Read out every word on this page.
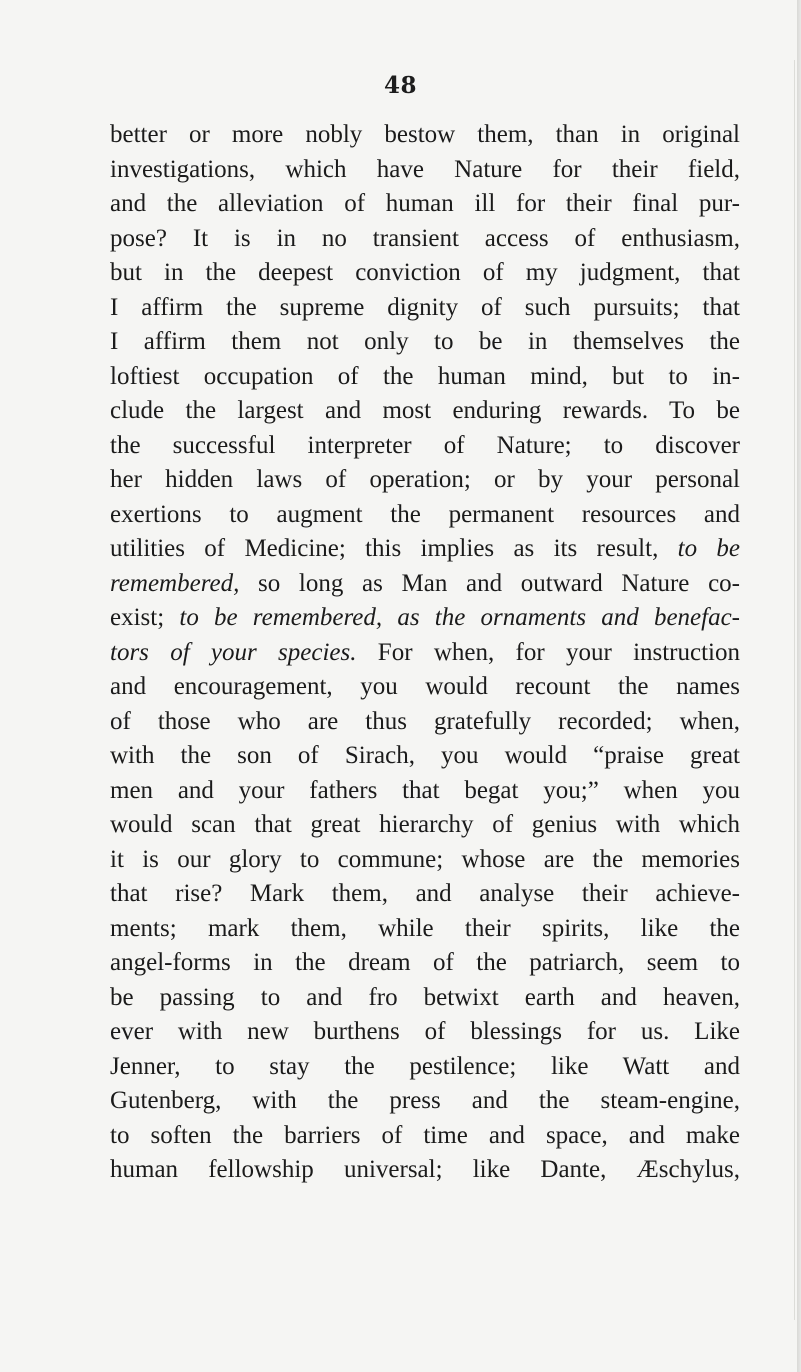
48
better or more nobly bestow them, than in original
investigations, which have Nature for their field,
and the alleviation of human ill for their final pur-
pose? It is in no transient access of enthusiasm,
but in the deepest conviction of my judgment, that
I affirm the supreme dignity of such pursuits; that
I affirm them not only to be in themselves the
loftiest occupation of the human mind, but to in-
clude the largest and most enduring rewards. To be
the successful interpreter of Nature; to discover
her hidden laws of operation; or by your personal
exertions to augment the permanent resources and
utilities of Medicine; this implies as its result, to be
remembered, so long as Man and outward Nature co-
exist; to be remembered, as the ornaments and benefac-
tors of your species. For when, for your instruction
and encouragement, you would recount the names
of those who are thus gratefully recorded; when,
with the son of Sirach, you would “praise great
men and your fathers that begat you;” when you
would scan that great hierarchy of genius with which
it is our glory to commune; whose are the memories
that rise? Mark them, and analyse their achieve-
ments; mark them, while their spirits, like the
angel-forms in the dream of the patriarch, seem to
be passing to and fro betwixt earth and heaven,
ever with new burthens of blessings for us. Like
Jenner, to stay the pestilence; like Watt and
Gutenberg, with the press and the steam-engine,
to soften the barriers of time and space, and make
human fellowship universal; like Dante, Æschylus,
